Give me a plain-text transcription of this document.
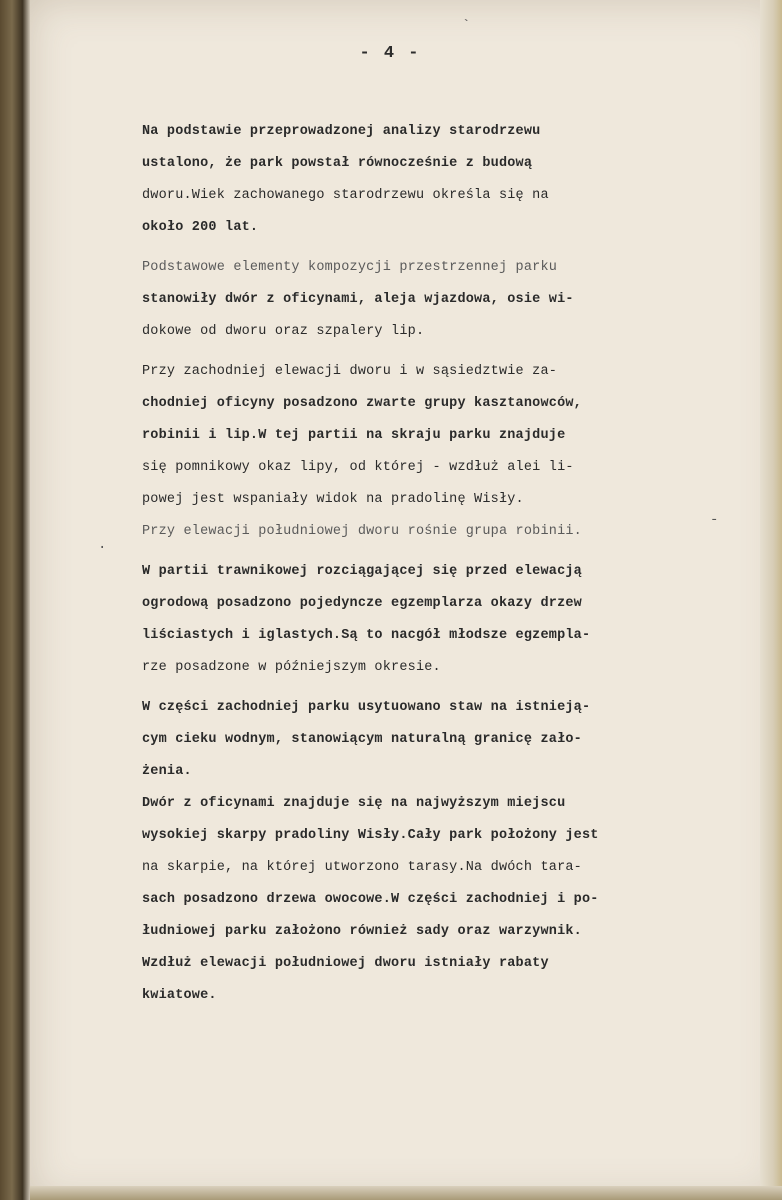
- 4 -
`
-
·
Na podstawie przeprowadzonej analizy starodrzewu
ustalono, że park powstał równocześnie z budową
dworu.Wiek zachowanego starodrzewu określa się na
około 200 lat.
Podstawowe elementy kompozycji przestrzennej parku
stanowiły dwór z oficynami, aleja wjazdowa, osie wi-
dokowe od dworu oraz szpalery lip.
Przy zachodniej elewacji dworu i w sąsiedztwie za-
chodniej oficyny posadzono zwarte grupy kasztanowców,
robinii i lip.W tej partii na skraju parku znajduje
się pomnikowy okaz lipy, od której - wzdłuż alei li-
powej jest wspaniały widok na pradolinę Wisły.
Przy elewacji południowej dworu rośnie grupa robinii.
W partii trawnikowej rozciągającej się przed elewacją
ogrodową posadzono pojedyncze egzemplarza okazy drzew
liściastych i iglastych.Są to nacgół młodsze egzempla-
rze posadzone w późniejszym okresie.
W części zachodniej parku usytuowano staw na istnieją-
cym cieku wodnym, stanowiącym naturalną granicę zało-
żenia.
Dwór z oficynami znajduje się na najwyższym miejscu
wysokiej skarpy pradoliny Wisły.Cały park położony jest
na skarpie, na której utworzono tarasy.Na dwóch tara-
sach posadzono drzewa owocowe.W części zachodniej i po-
łudniowej parku założono również sady oraz warzywnik.
Wzdłuż elewacji południowej dworu istniały rabaty
kwiatowe.
